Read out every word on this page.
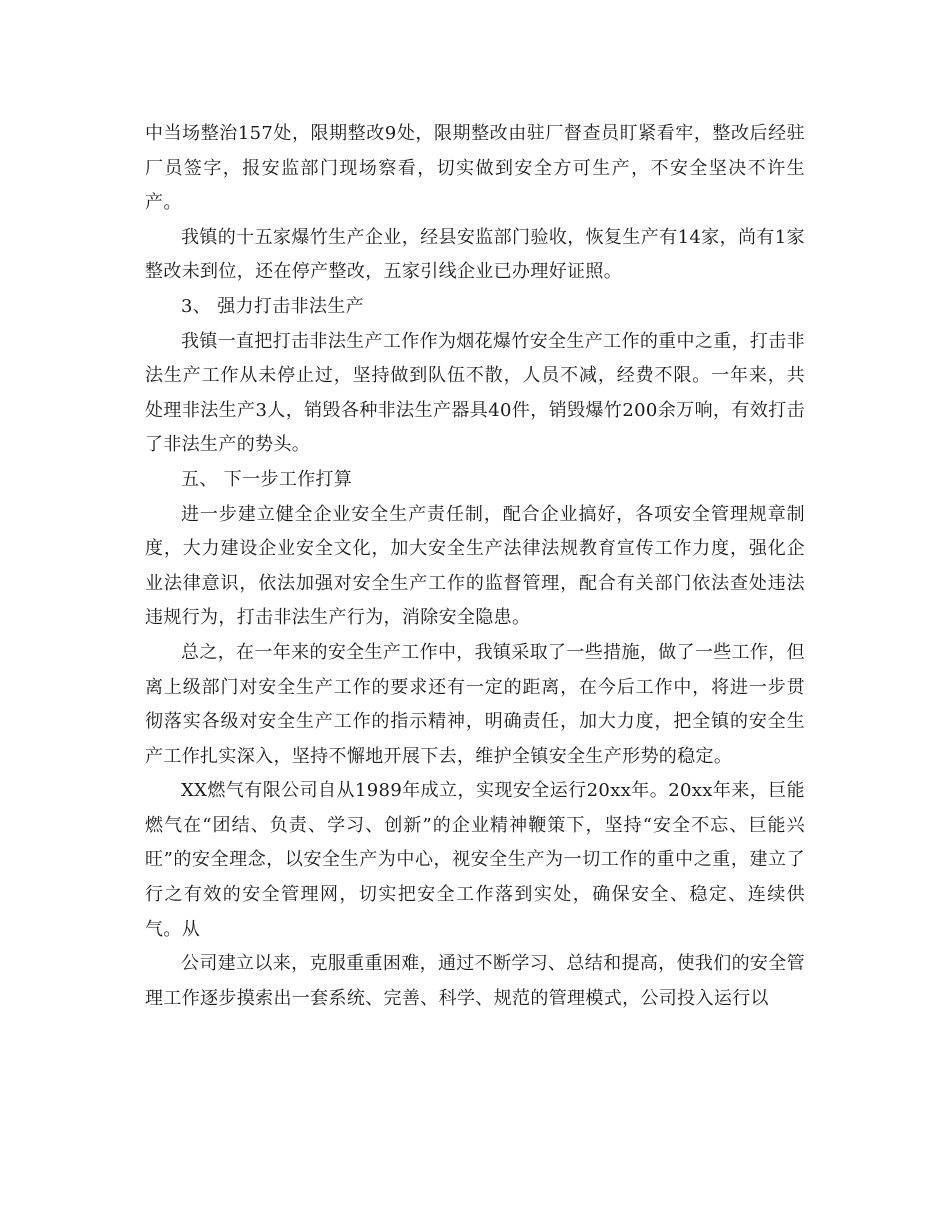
中当场整治157处，限期整改9处，限期整改由驻厂督查员盯紧看牢，整改后经驻厂员签字，报安监部门现场察看，切实做到安全方可生产，不安全坚决不许生产。

我镇的十五家爆竹生产企业，经县安监部门验收，恢复生产有14家，尚有1家整改未到位，还在停产整改，五家引线企业已办理好证照。

3、 强力打击非法生产

我镇一直把打击非法生产工作作为烟花爆竹安全生产工作的重中之重，打击非法生产工作从未停止过，坚持做到队伍不散，人员不减，经费不限。一年来，共处理非法生产3人，销毁各种非法生产器具40件，销毁爆竹200余万响，有效打击了非法生产的势头。

五、 下一步工作打算

进一步建立健全企业安全生产责任制，配合企业搞好，各项安全管理规章制度，大力建设企业安全文化，加大安全生产法律法规教育宣传工作力度，强化企业法律意识，依法加强对安全生产工作的监督管理，配合有关部门依法查处违法违规行为，打击非法生产行为，消除安全隐患。

总之，在一年来的安全生产工作中，我镇采取了一些措施，做了一些工作，但离上级部门对安全生产工作的要求还有一定的距离，在今后工作中，将进一步贯彻落实各级对安全生产工作的指示精神，明确责任，加大力度，把全镇的安全生产工作扎实深入，坚持不懈地开展下去，维护全镇安全生产形势的稳定。

XX燃气有限公司自从1989年成立，实现安全运行20xx年。20xx年来，巨能燃气在“团结、负责、学习、创新”的企业精神鞭策下，坚持“安全不忘、巨能兴旺”的安全理念，以安全生产为中心，视安全生产为一切工作的重中之重，建立了行之有效的安全管理网，切实把安全工作落到实处，确保安全、稳定、连续供气。从

公司建立以来，克服重重困难，通过不断学习、总结和提高，使我们的安全管理工作逐步摸索出一套系统、完善、科学、规范的管理模式，公司投入运行以
